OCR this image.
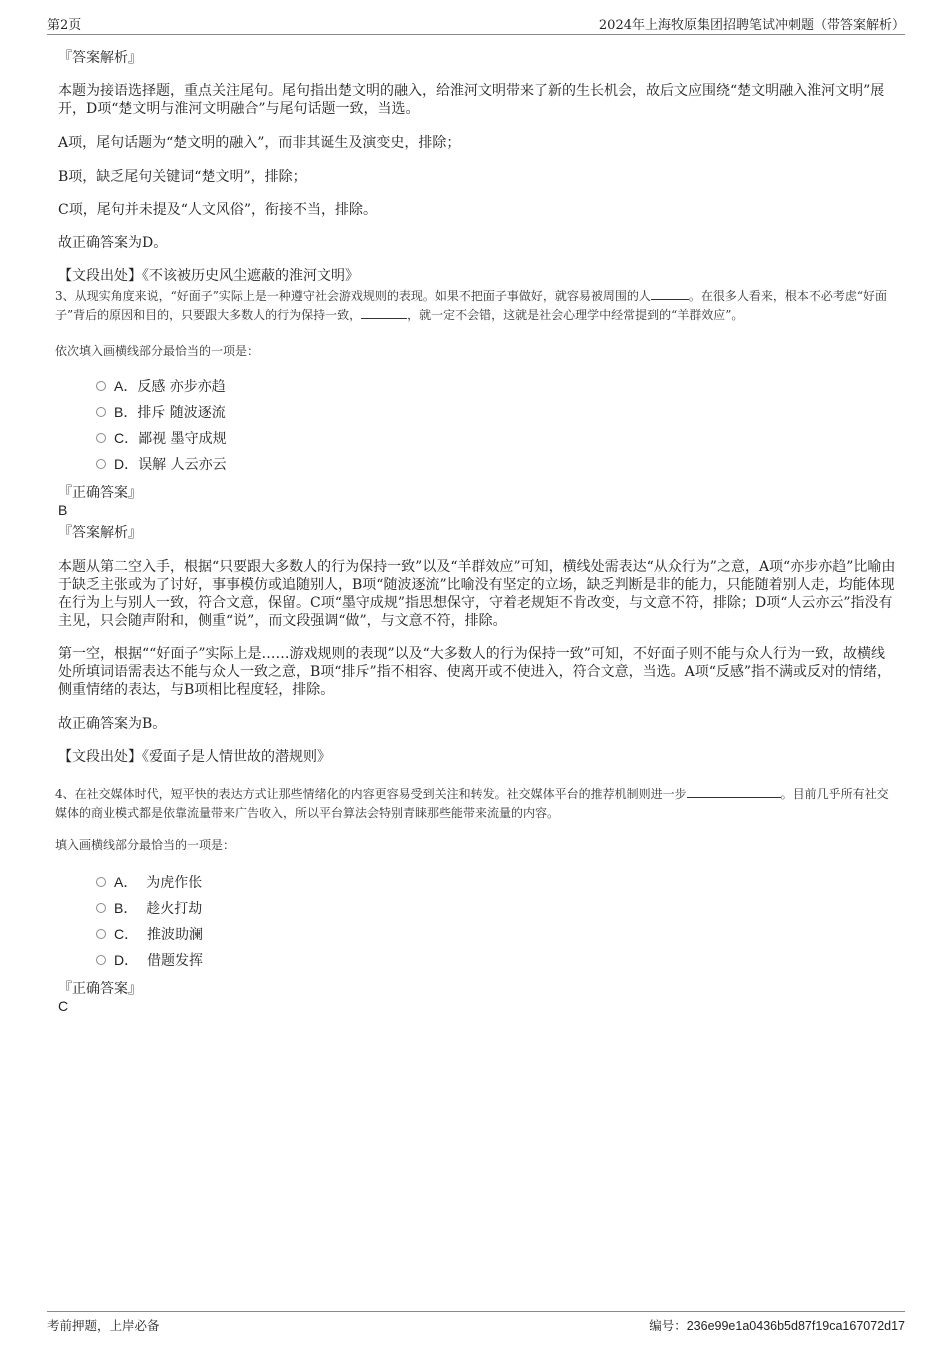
第2页	2024年上海牧原集团招聘笔试冲刺题（带答案解析）
『答案解析』
本题为接语选择题，重点关注尾句。尾句指出楚文明的融入，给淮河文明带来了新的生长机会，故后文应围绕“楚文明融入淮河文明”展开，D项“楚文明与淮河文明融合”与尾句话题一致，当选。
A项，尾句话题为“楚文明的融入”，而非其诞生及演变史，排除；
B项，缺乏尾句关键词“楚文明”，排除；
C项，尾句并未提及“人文风俗”，衔接不当，排除。
故正确答案为D。
【文段出处】《不该被历史风尘遮蔽的淮河文明》
3、从现实角度来说，“好面子”实际上是一种遵守社会游戏规则的表现。如果不把面子事做好，就容易被周围的人	。在很多人看来，根本不必考虑“好面子”背后的原因和目的，只要跟大多数人的行为保持一致，	，就一定不会错，这就是社会心理学中经常提到的“羊群效应”。
依次填入画横线部分最恰当的一项是：
A．反感 亦步亦趋
B．排斥 随波逐流
C．鄙视 墨守成规
D．误解 人云亦云
『正确答案』
B
『答案解析』
本题从第二空入手，根据“只要跟大多数人的行为保持一致”以及“羊群效应”可知，横线处需表达“从众行为”之意，A项“亦步亦趋”比喻由于缺乏主张或为了讨好，事事模仿或追随别人，B项“随波逐流”比喻没有坚定的立场，缺乏判断是非的能力，只能随着别人走，均能体现在行为上与别人一致，符合文意，保留。C项“墨守成规”指思想保守，守着老规矩不肯改变，与文意不符，排除；D项“人云亦云”指没有主见，只会随声附和，侧重“说”，而文段强调“做”，与文意不符，排除。
第一空，根据““好面子”实际上是……游戏规则的表现”以及“大多数人的行为保持一致”可知，不好面子则不能与众人行为一致，故横线处所填词语需表达不能与众人一致之意，B项“排斥”指不相容、使离开或不使进入，符合文意，当选。A项“反感”指不满或反对的情绪，侧重情绪的表达，与B项相比程度轻，排除。
故正确答案为B。
【文段出处】《爱面子是人情世故的潜规则》
4、在社交媒体时代，短平快的表达方式让那些情绪化的内容更容易受到关注和转发。社交媒体平台的推荐机制则进一步	。目前几乎所有社交媒体的商业模式都是依靠流量带来广告收入，所以平台算法会特别青睐那些能带来流量的内容。
填入画横线部分最恰当的一项是：
A． 为虎作伥
B． 趁火打劫
C． 推波助澜
D． 借题发挥
『正确答案』
C
考前押题，上岸必备	编号：236e99e1a0436b5d87f19ca167072d17
